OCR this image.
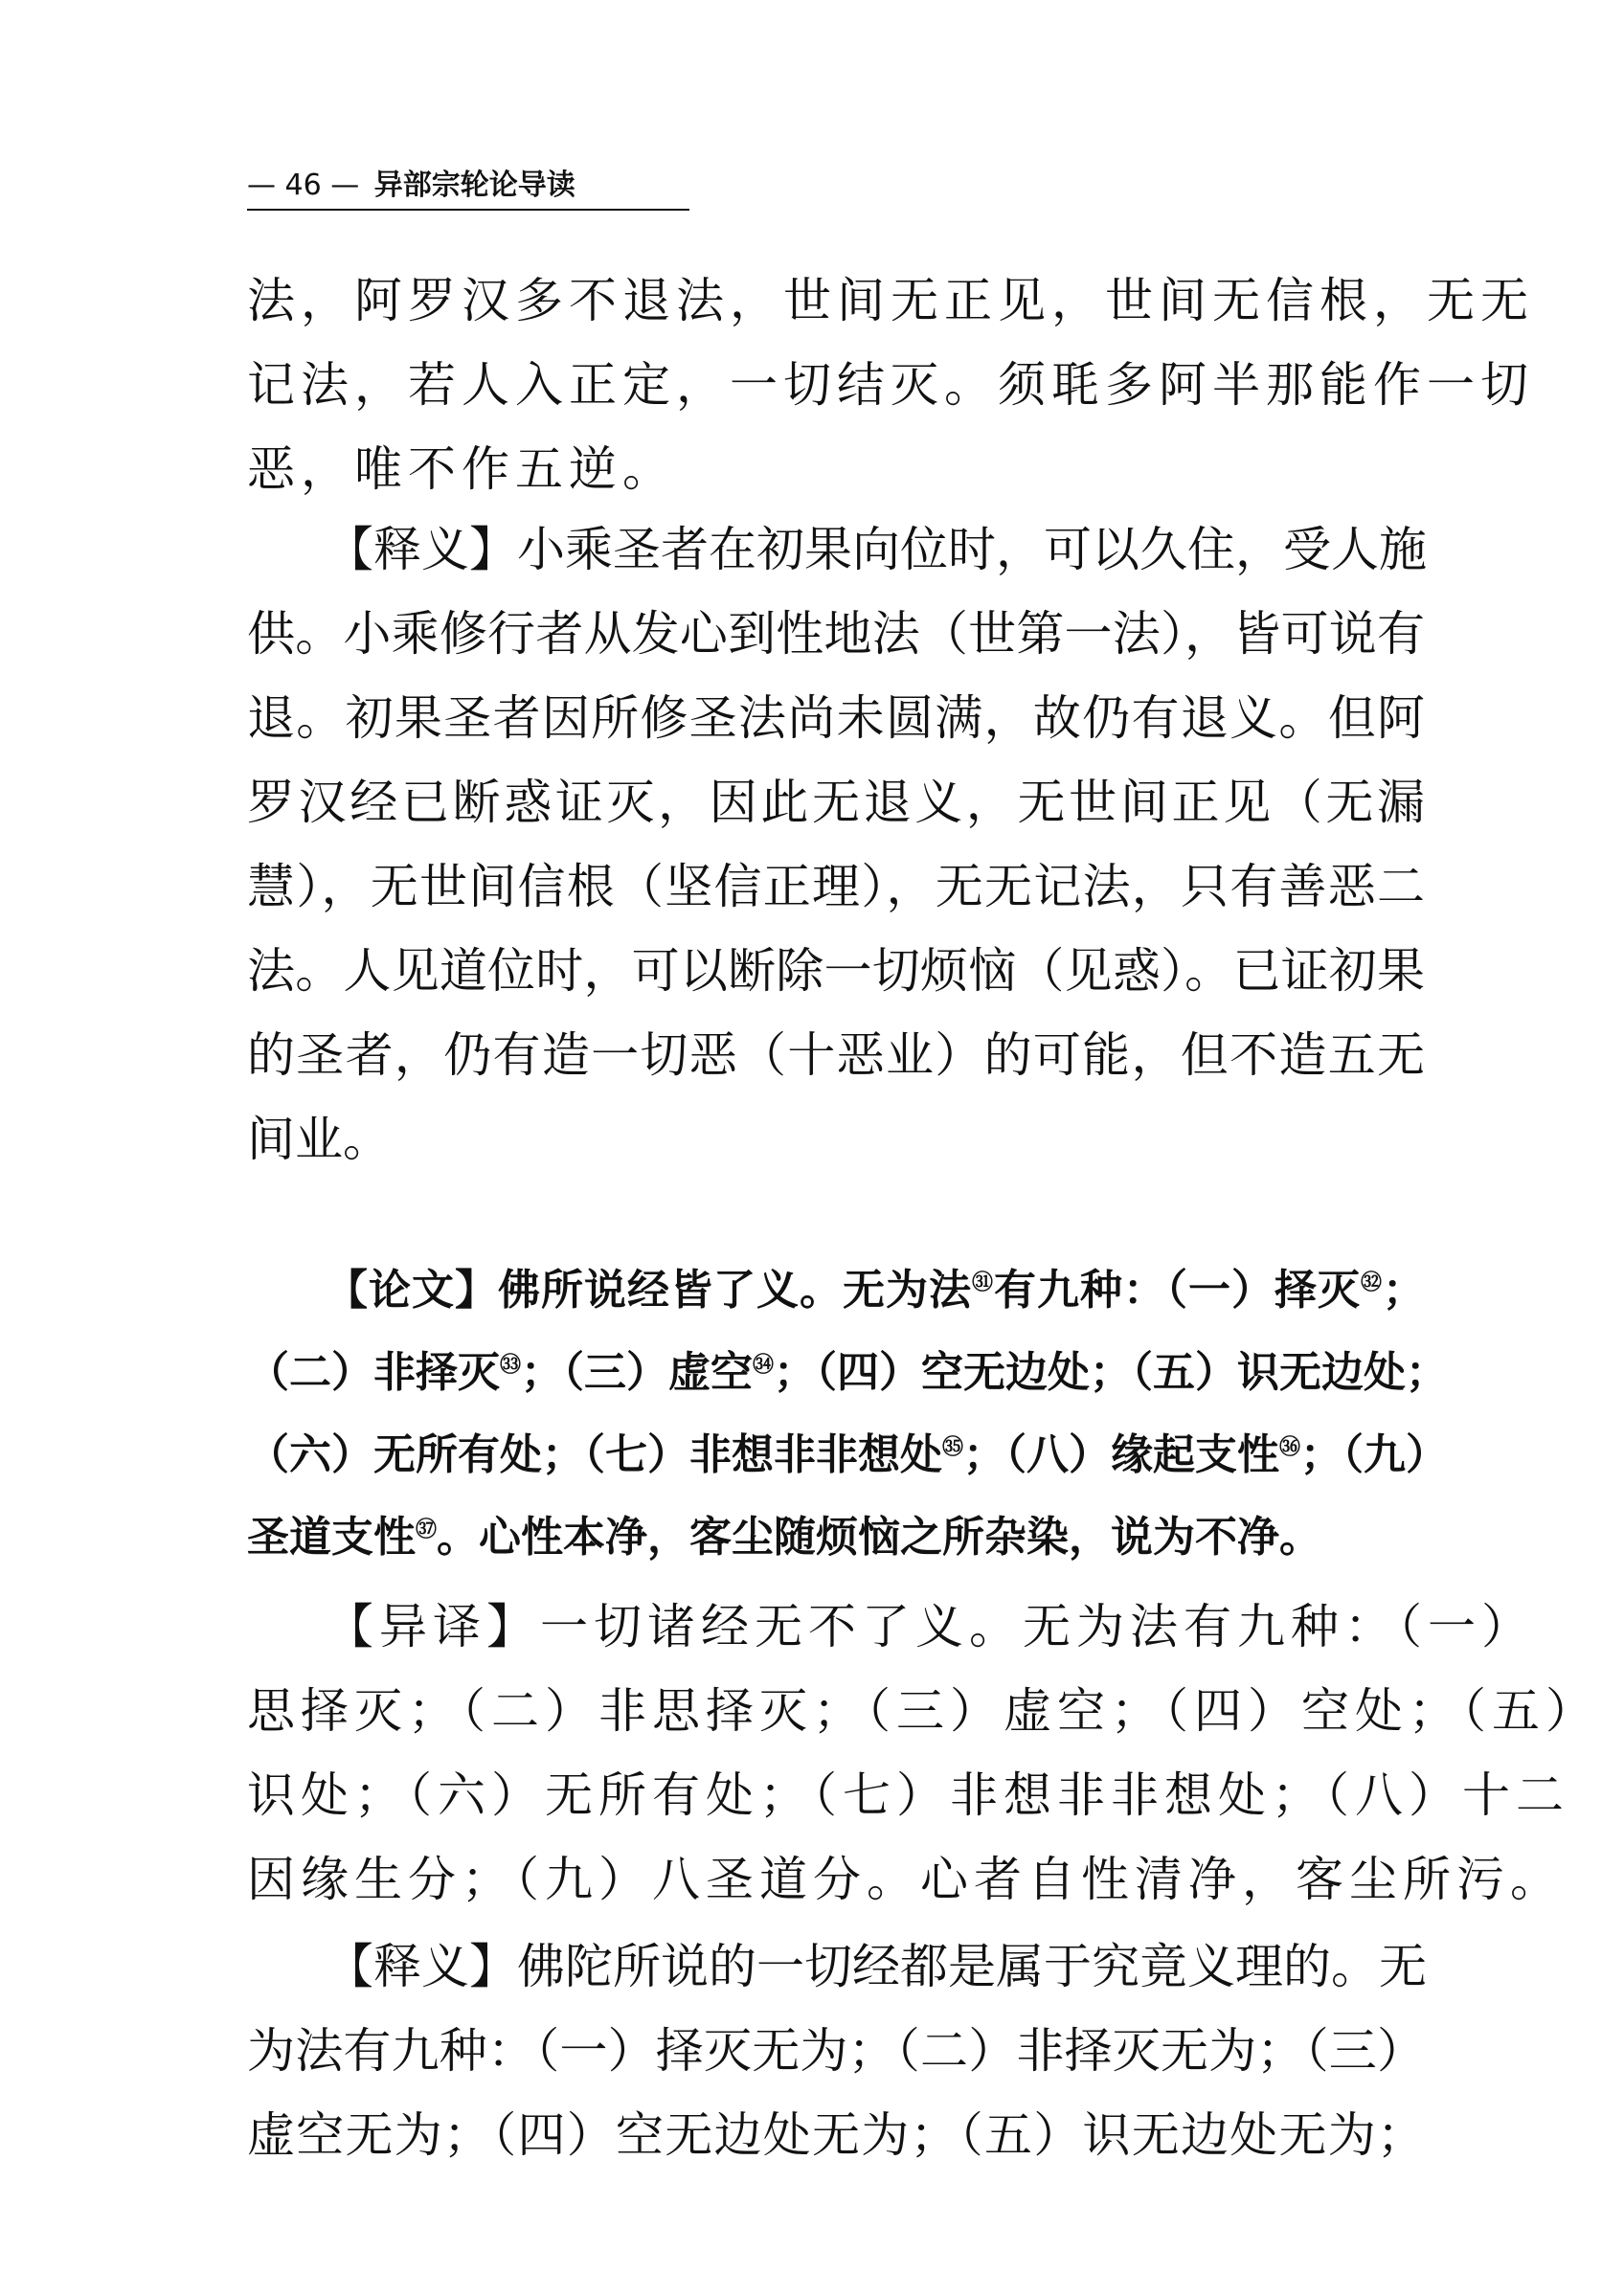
— 46 — 异部宗轮论导读
法，阿罗汉多不退法，世间无正见，世间无信根，无无
记法，若人入正定，一切结灭。须毦多阿半那能作一切
恶，唯不作五逆。
【释义】小乘圣者在初果向位时，可以久住，受人施
供。小乘修行者从发心到性地法（世第一法），皆可说有
退。初果圣者因所修圣法尚未圆满，故仍有退义。但阿
罗汉经已断惑证灭，因此无退义，无世间正见（无漏
慧），无世间信根（坚信正理），无无记法，只有善恶二
法。人见道位时，可以断除一切烦恼（见惑）。已证初果
的圣者，仍有造一切恶（十恶业）的可能，但不造五无
间业。
【论文】佛所说经皆了义。无为法$^㉛$有九种：（一）择灭$^㉜$；
（二）非择灭$^㉝$；（三）虚空$^㉞$；（四）空无边处；（五）识无边处；
（六）无所有处；（七）非想非非想处$^㉟$；（八）缘起支性$^㊱$；（九）
圣道支性$^㊲$。心性本净，客尘随烦恼之所杂染，说为不净。
【异译】一切诸经无不了义。无为法有九种：（一）
思择灭；（二）非思择灭；（三）虚空；（四）空处；（五）
识处；（六）无所有处；（七）非想非非想处；（八）十二
因缘生分；（九）八圣道分。心者自性清净，客尘所污。
【释义】佛陀所说的一切经都是属于究竟义理的。无
为法有九种：（一）择灭无为；（二）非择灭无为；（三）
虚空无为；（四）空无边处无为；（五）识无边处无为；
